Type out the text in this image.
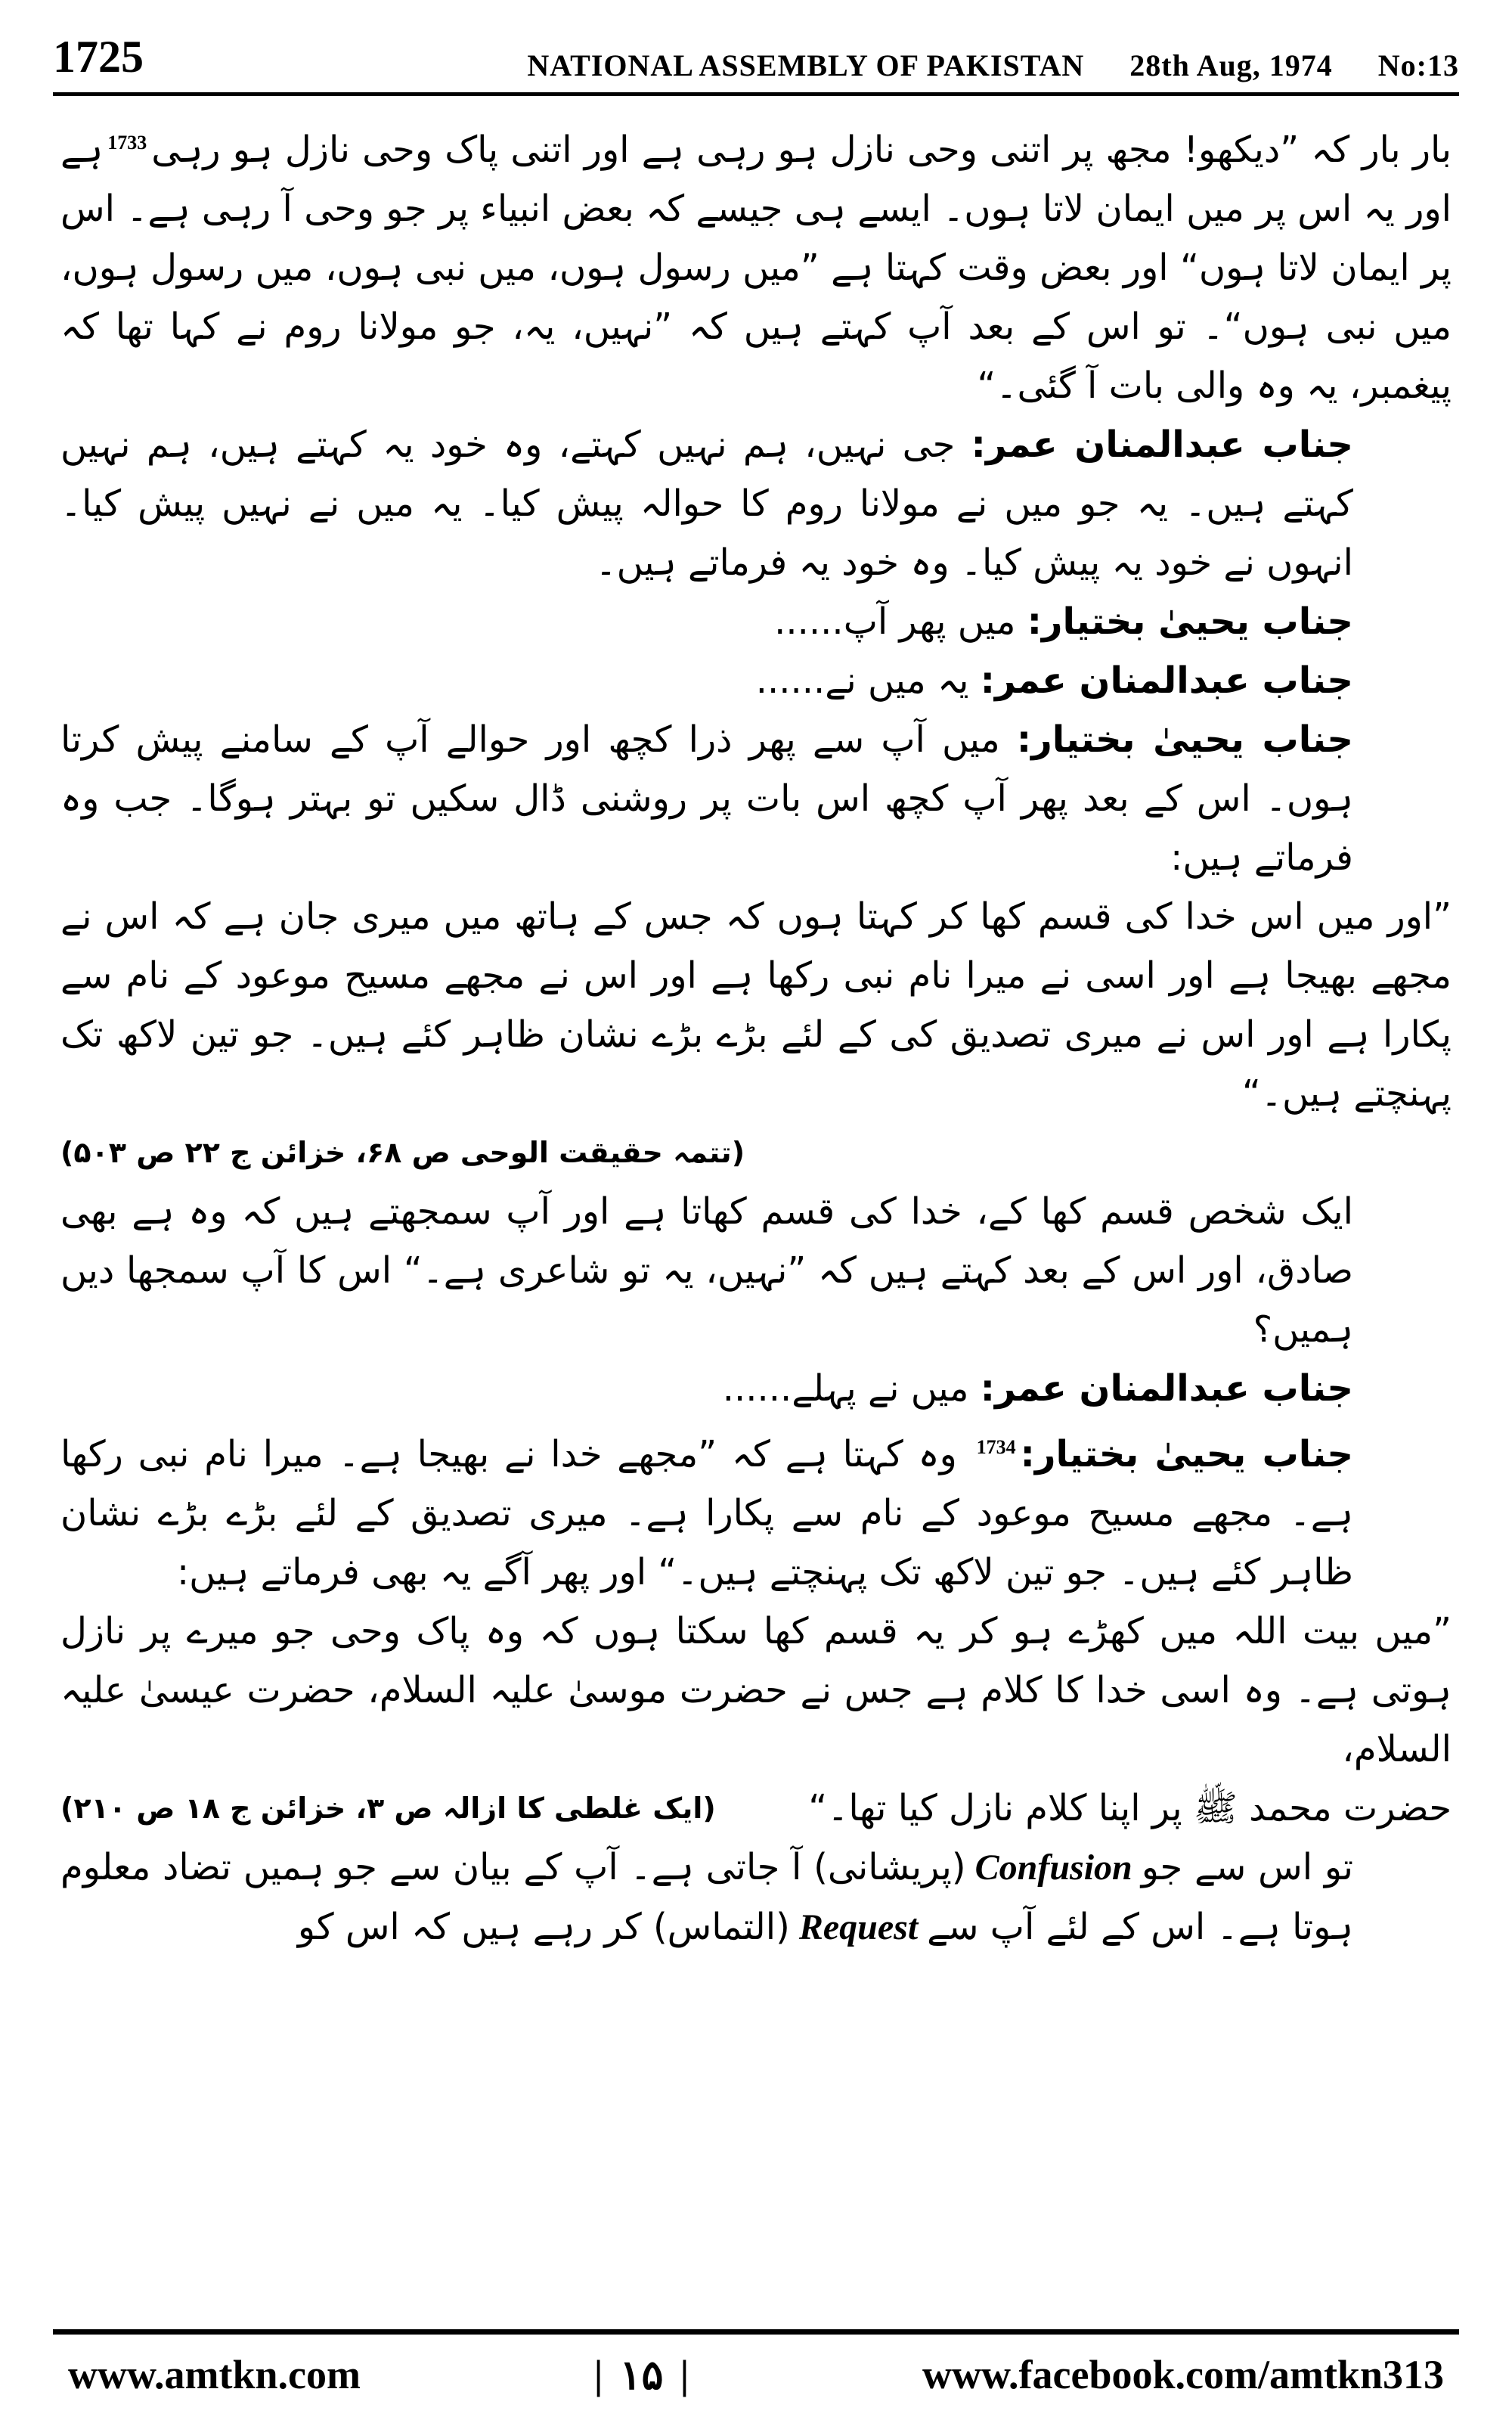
1725	NATIONAL ASSEMBLY OF PAKISTAN 28th Aug, 1974 No:13

بار بار کہ ”دیکھو! مجھ پر اتنی وحی نازل ہو رہی ہے اور اتنی پاک وحی نازل ہو رہی$^{1733}$ہے اور یہ اس پر میں ایمان لاتا ہوں۔ ایسے ہی جیسے کہ بعض انبیاء پر جو وحی آ رہی ہے۔ اس پر ایمان لاتا ہوں“ اور بعض وقت کہتا ہے ”میں رسول ہوں، میں نبی ہوں، میں رسول ہوں، میں نبی ہوں“۔ تو اس کے بعد آپ کہتے ہیں کہ ”نہیں، یہ، جو مولانا روم نے کہا تھا کہ پیغمبر، یہ وہ والی بات آ گئی۔“

جناب عبدالمنان عمر: جی نہیں، ہم نہیں کہتے، وہ خود یہ کہتے ہیں، ہم نہیں کہتے ہیں۔ یہ جو میں نے مولانا روم کا حوالہ پیش کیا۔ یہ میں نے نہیں پیش کیا۔ انہوں نے خود یہ پیش کیا۔ وہ خود یہ فرماتے ہیں۔

جناب یحییٰ بختیار: میں پھر آپ......

جناب عبدالمنان عمر: یہ میں نے......

جناب یحییٰ بختیار: میں آپ سے پھر ذرا کچھ اور حوالے آپ کے سامنے پیش کرتا ہوں۔ اس کے بعد پھر آپ کچھ اس بات پر روشنی ڈال سکیں تو بہتر ہوگا۔ جب وہ فرماتے ہیں:

”اور میں اس خدا کی قسم کھا کر کہتا ہوں کہ جس کے ہاتھ میں میری جان ہے کہ اس نے مجھے بھیجا ہے اور اسی نے میرا نام نبی رکھا ہے اور اس نے مجھے مسیح موعود کے نام سے پکارا ہے اور اس نے میری تصدیق کی کے لئے بڑے بڑے نشان ظاہر کئے ہیں۔ جو تین لاکھ تک پہنچتے ہیں۔“

(تتمہ حقیقت الوحی ص ۶۸، خزائن ج ۲۲ ص ۵۰۳)

ایک شخص قسم کھا کے، خدا کی قسم کھاتا ہے اور آپ سمجھتے ہیں کہ وہ ہے بھی صادق، اور اس کے بعد کہتے ہیں کہ ”نہیں، یہ تو شاعری ہے۔“ اس کا آپ سمجھا دیں ہمیں؟

جناب عبدالمنان عمر: میں نے پہلے......

جناب یحییٰ بختیار:$^{1734}$ وہ کہتا ہے کہ ”مجھے خدا نے بھیجا ہے۔ میرا نام نبی رکھا ہے۔ مجھے مسیح موعود کے نام سے پکارا ہے۔ میری تصدیق کے لئے بڑے بڑے نشان ظاہر کئے ہیں۔ جو تین لاکھ تک پہنچتے ہیں۔“ اور پھر آگے یہ بھی فرماتے ہیں:

”میں بیت اللہ میں کھڑے ہو کر یہ قسم کھا سکتا ہوں کہ وہ پاک وحی جو میرے پر نازل ہوتی ہے۔ وہ اسی خدا کا کلام ہے جس نے حضرت موسیٰ علیہ السلام، حضرت عیسیٰ علیہ السلام،

حضرت محمد ﷺ پر اپنا کلام نازل کیا تھا۔“
(ایک غلطی کا ازالہ ص ۳، خزائن ج ۱۸ ص ۲۱۰)

تو اس سے جوConfusion(پریشانی) آ جاتی ہے۔ آپ کے بیان سے جو ہمیں تضاد معلوم ہوتا ہے۔ اس کے لئے آپ سےRequest(التماس) کر رہے ہیں کہ اس کو

www.amtkn.com	| ۱۵ |	www.facebook.com/amtkn313
